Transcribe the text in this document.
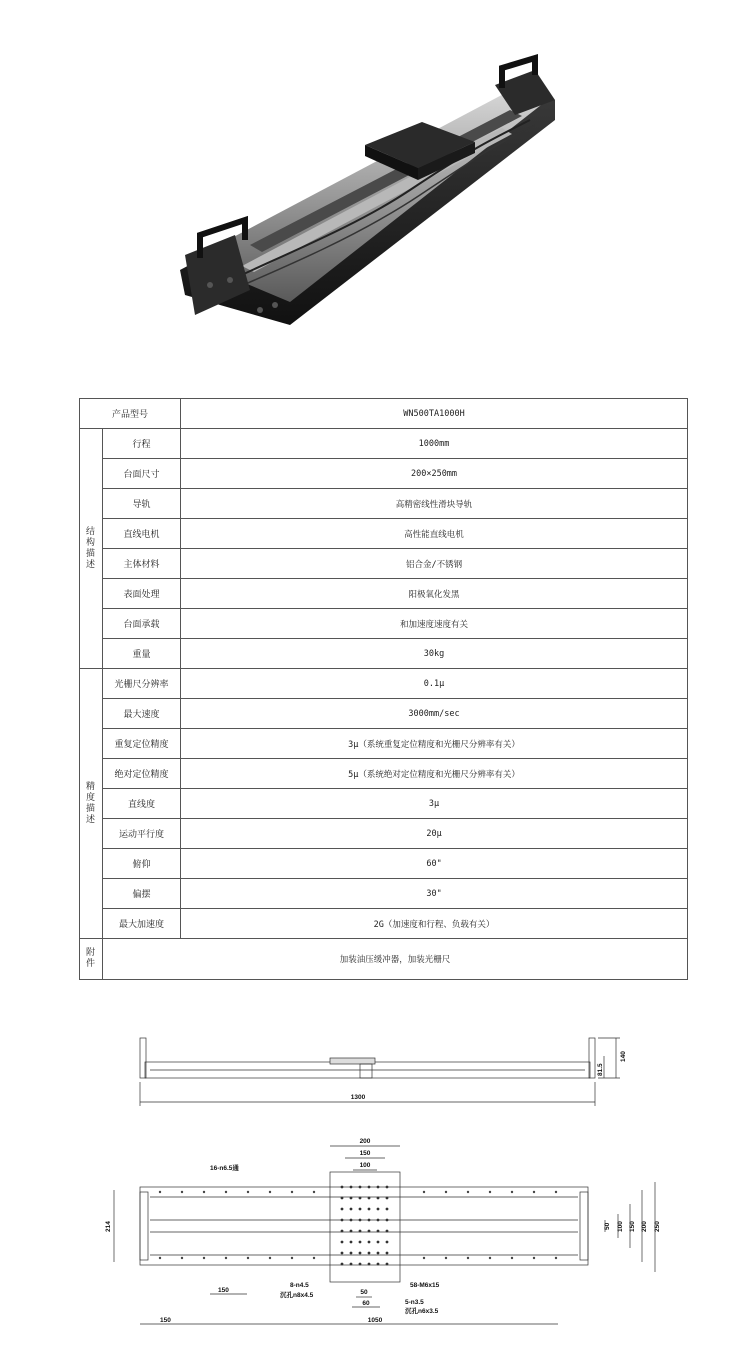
产品型号		WN500TA1000H
结构描述	行程	1000mm
	台面尺寸	200×250mm
	导轨	高精密线性滑块导轨
	直线电机	高性能直线电机
	主体材料	铝合金/不锈钢
	表面处理	阳极氧化发黑
	台面承载	和加速度速度有关
	重量	30kg
精度描述	光栅尺分辨率	0.1μ
	最大速度	3000mm/sec
	重复定位精度	3μ（系统重复定位精度和光栅尺分辨率有关）
	绝对定位精度	5μ（系统绝对定位精度和光栅尺分辨率有关）
	直线度	3μ
	运动平行度	20μ
	俯仰	60"
	偏摆	30"
	最大加速度	2G（加速度和行程、负载有关）
附件	加装油压缓冲器，加装光栅尺	
1300
140
81.5
200
150
100
16-n6.5通
214
8-n4.5
沉孔n8x4.5
58-M6x15
5-n3.5
沉孔n6x3.5
50
60
150
150	1050
50 100 150 200 250
